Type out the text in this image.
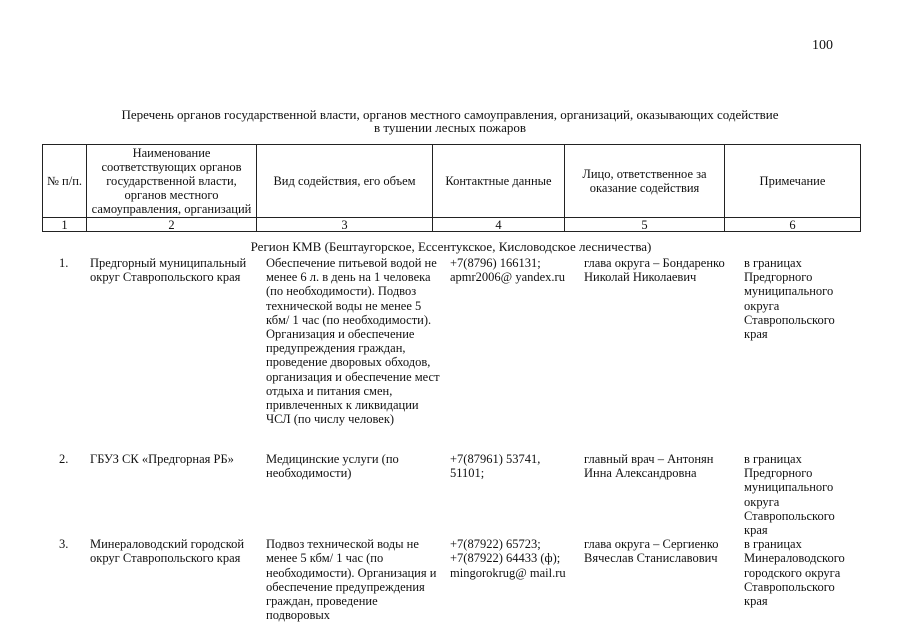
100
Перечень органов государственной власти, органов местного самоуправления, организаций, оказывающих содействие
в тушении лесных пожаров
№ п/п.	Наименование соответствующих органов государственной власти, органов местного самоуправления, организаций	Вид содействия, его объем	Контактные данные	Лицо, ответственное за оказание содействия	Примечание
1	2	3	4	5	6
Регион КМВ (Бештаугорское, Ессентукское, Кисловодское лесничества)
1.	Предгорный муниципальный округ Ставропольского края	Обеспечение питьевой водой не менее 6 л. в день на 1 человека (по необходимости). Подвоз технической воды не менее 5 кбм/ 1 час (по необходимости). Организация и обеспечение предупреждения граждан, проведение дворовых обходов, организация и обеспечение мест отдыха и питания смен, привлеченных к ликвидации ЧСЛ (по числу человек)	+7(8796) 166131; apmr2006@ yandex.ru	глава округа – Бондаренко Николай Николаевич	в границах Предгорного муниципального округа Ставропольского края
2.	ГБУЗ СК «Предгорная РБ»	Медицинские услуги (по необходимости)	+7(87961) 53741, 51101;	главный врач – Антонян Инна Александровна	в границах Предгорного муниципального округа Ставропольского края
3.	Минераловодский городской округ Ставропольского края	Подвоз технической воды не менее 5 кбм/ 1 час (по необходимости). Организация и обеспечение предупреждения граждан, проведение подворовых	+7(87922) 65723; +7(87922) 64433 (ф); mingorokrug@ mail.ru	глава округа – Сергиенко Вячеслав Станиславович	в границах Минераловодского городского округа Ставропольского края
